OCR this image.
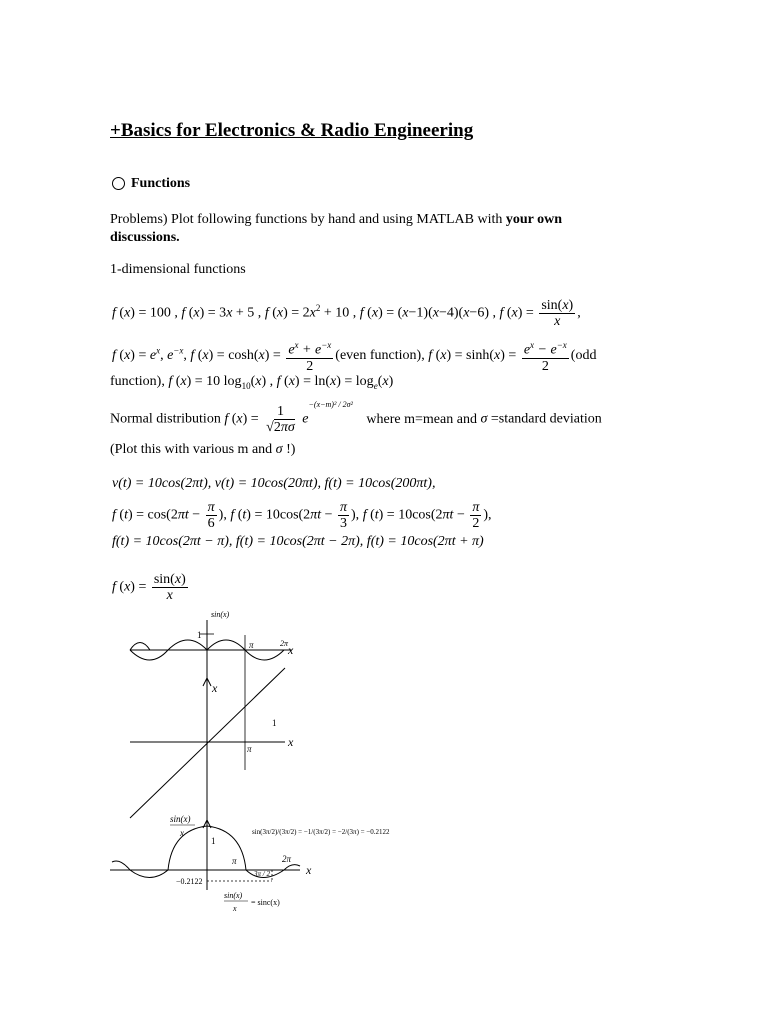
+Basics for Electronics & Radio Engineering
Functions
Problems) Plot following functions by hand and using MATLAB with your own
discussions.
1-dimensional functions
f (x) = 100 , f (x) = 3x + 5 , f $(x) = 2x^2 + 10$ , f (x) = (x−1)(x−4)(x−6) , f $(x) = \frac{\sin(x)}{x}$ ,
f $(x) = e^x$, $e^{-x}$, f $(x) = \cosh(x) = \frac{e^x + e^{-x}}{2}$ (even function), f $(x) = \sinh(x) = \frac{e^x - e^{-x}}{2} (odd$
function), f (x) = 10 $\log_{10}(x)$ , f $(x) = \ln(x) = \log_e(x)$
Normal distribution f $(x) = \frac{1}{√2\pi\sigma} e^{-(x-m)^2 / 2\sigma^2}$ where m=mean and σ =standard deviation
(Plot this with various m and σ !)
v(t) = 10cos(2πt), v(t) = 10cos(20πt), f(t) = 10cos(200πt),
f $(t) = \cos(2\pi t - \frac{\pi}{6}$ ), f $(t) = 10\cos(2\pi t - \frac{\pi}{3}$ ), f $(t) = 10\cos(2\pi t - \frac{\pi}{2}$ ),
f(t) = 10cos(2πt − π), f(t) = 10cos(2πt − 2π), f(t) = 10cos(2πt + π)
f $(x) = \frac{\sin(x)}{x}$
sin(x)
1
π	2π x
x
1
π	x
sin(x)
x
1
π	2π
3π / 2	x
−0.2122
sin(3π/2)/(3π/2) = −1/(3π/2) = −2/(3π) = −0.2122
sin(x)
x
= sinc(x)
